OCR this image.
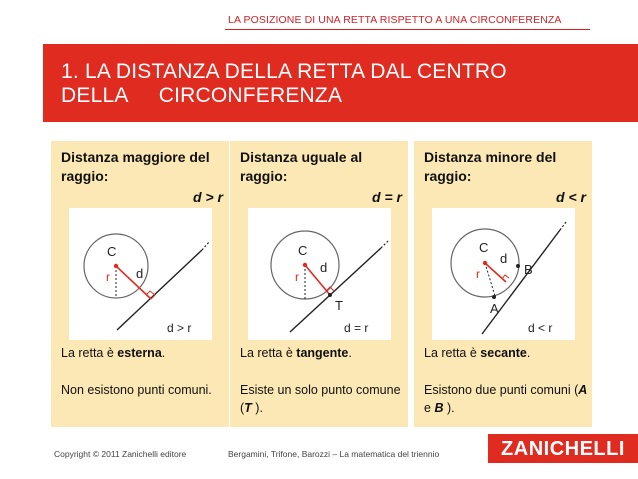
LA POSIZIONE DI UNA RETTA RISPETTO A UNA CIRCONFERENZA
1. LA DISTANZA DELLA RETTA DAL CENTRO DELLA     CIRCONFERENZA
Distanza maggiore del raggio:
d > r
C
r d
d > r
La retta è esterna.
Non esistono punti comuni.
Distanza uguale al raggio:
d = r
C
r
d
T
d = r
La retta è tangente.
Esiste un solo punto comune (T ).
Distanza minore del raggio:
d < r
C
r
d
A
B
d < r
La retta è secante.
Esistono due punti comuni (A e B ).
Copyright © 2011 Zanichelli editore	Bergamini, Trifone, Barozzi – La matematica del triennio	ZANICHELLI
